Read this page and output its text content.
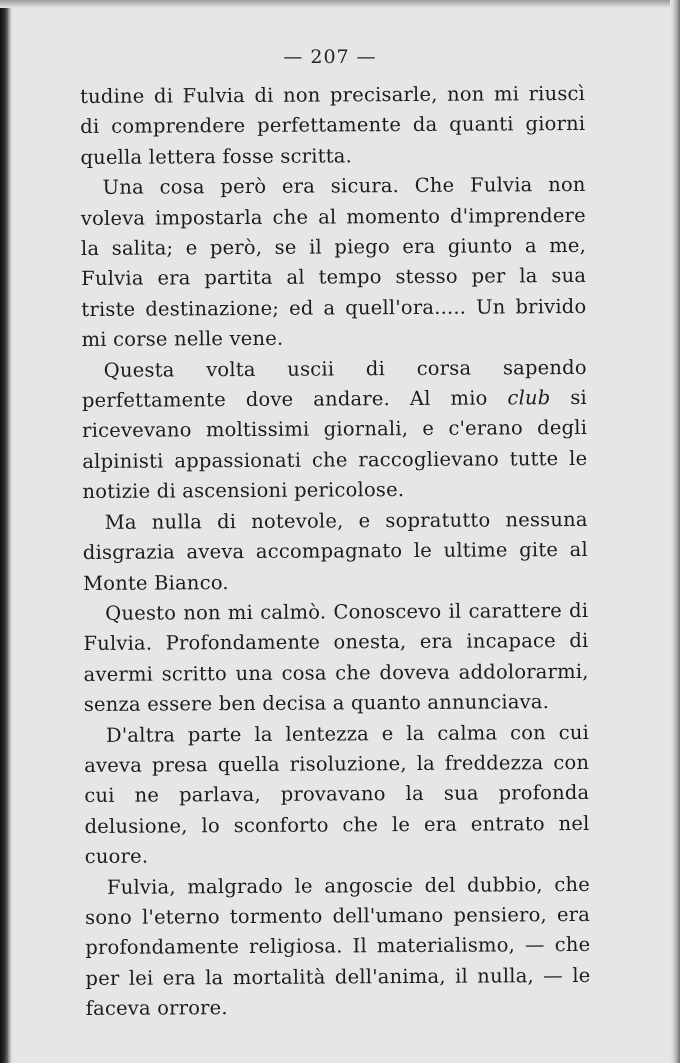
— 207 —

tudine di Fulvia di non precisarle, non mi riuscì di comprendere perfettamente da quanti giorni quella lettera fosse scritta.

Una cosa però era sicura. Che Fulvia non voleva impostarla che al momento d'imprendere la salita; e però, se il piego era giunto a me, Fulvia era partita al tempo stesso per la sua triste destinazione; ed a quell'ora..... Un brivido mi corse nelle vene.

Questa volta uscii di corsa sapendo perfettamente dove andare. Al mio club si ricevevano moltissimi giornali, e c'erano degli alpinisti appassionati che raccoglievano tutte le notizie di ascensioni pericolose.

Ma nulla di notevole, e sopratutto nessuna disgrazia aveva accompagnato le ultime gite al Monte Bianco.

Questo non mi calmò. Conoscevo il carattere di Fulvia. Profondamente onesta, era incapace di avermi scritto una cosa che doveva addolorarmi, senza essere ben decisa a quanto annunciava.

D'altra parte la lentezza e la calma con cui aveva presa quella risoluzione, la freddezza con cui ne parlava, provavano la sua profonda delusione, lo sconforto che le era entrato nel cuore.

Fulvia, malgrado le angoscie del dubbio, che sono l'eterno tormento dell'umano pensiero, era profondamente religiosa. Il materialismo, — che per lei era la mortalità dell'anima, il nulla, — le faceva orrore.
